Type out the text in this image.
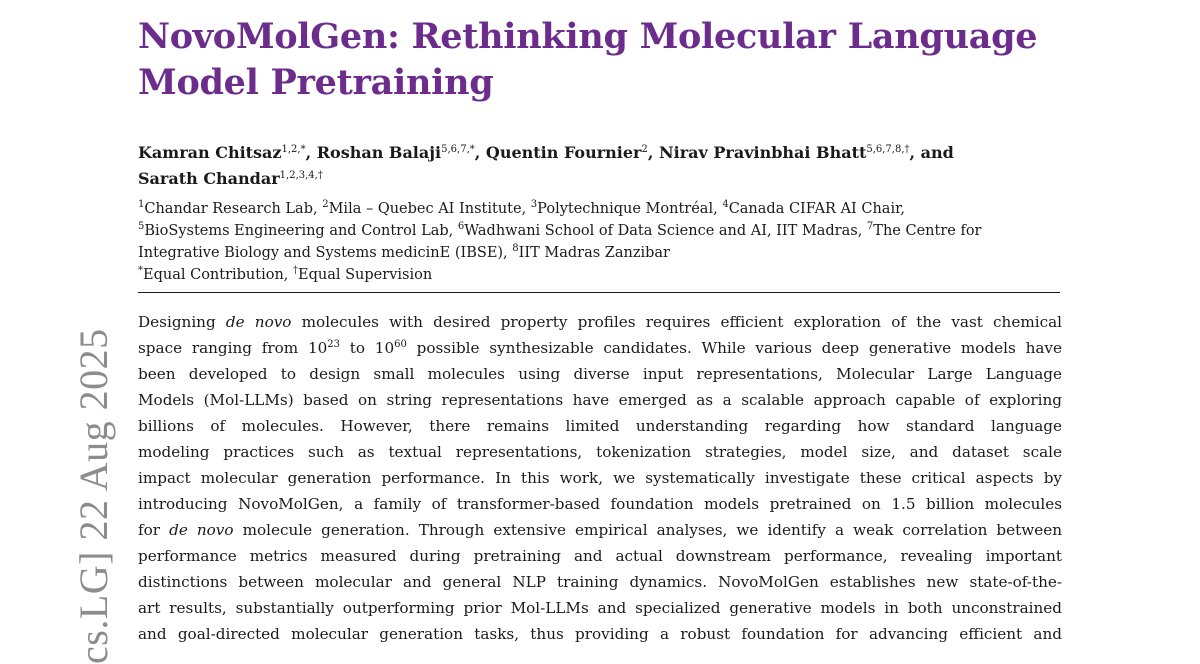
cs.LG] 22 Aug 2025
NovoMolGen: Rethinking Molecular Language
Model Pretraining
Kamran Chitsaz$^{1,2,*}$, Roshan Balaji$^{5,6,7,*}$, Quentin Fournier$^2$, Nirav Pravinbhai Bhatt$^{5,6,7,8,\dagger}$, and
Sarath Chandar$^{1,2,3,4,\dagger}$
$^1$Chandar Research Lab, $^2$Mila – Quebec AI Institute, $^3$Polytechnique Montréal, $^4$Canada CIFAR AI Chair,
$^5$BioSystems Engineering and Control Lab, $^6$Wadhwani School of Data Science and AI, IIT Madras, $^7$The Centre for
Integrative Biology and Systems medicinE (IBSE), $^8$IIT Madras Zanzibar
*Equal Contribution, †Equal Supervision
Designing de novo molecules with desired property profiles requires efficient exploration of the vast chemical
space ranging from $10^{23}$ to $10^{60}$ possible synthesizable candidates. While various deep generative models have
been developed to design small molecules using diverse input representations, Molecular Large Language
Models (Mol-LLMs) based on string representations have emerged as a scalable approach capable of exploring
billions of molecules. However, there remains limited understanding regarding how standard language
modeling practices such as textual representations, tokenization strategies, model size, and dataset scale
impact molecular generation performance. In this work, we systematically investigate these critical aspects by
introducing NovoMolGen, a family of transformer-based foundation models pretrained on 1.5 billion molecules
for de novo molecule generation. Through extensive empirical analyses, we identify a weak correlation between
performance metrics measured during pretraining and actual downstream performance, revealing important
distinctions between molecular and general NLP training dynamics. NovoMolGen establishes new state-of-the-
art results, substantially outperforming prior Mol-LLMs and specialized generative models in both unconstrained
and goal-directed molecular generation tasks, thus providing a robust foundation for advancing efficient and
